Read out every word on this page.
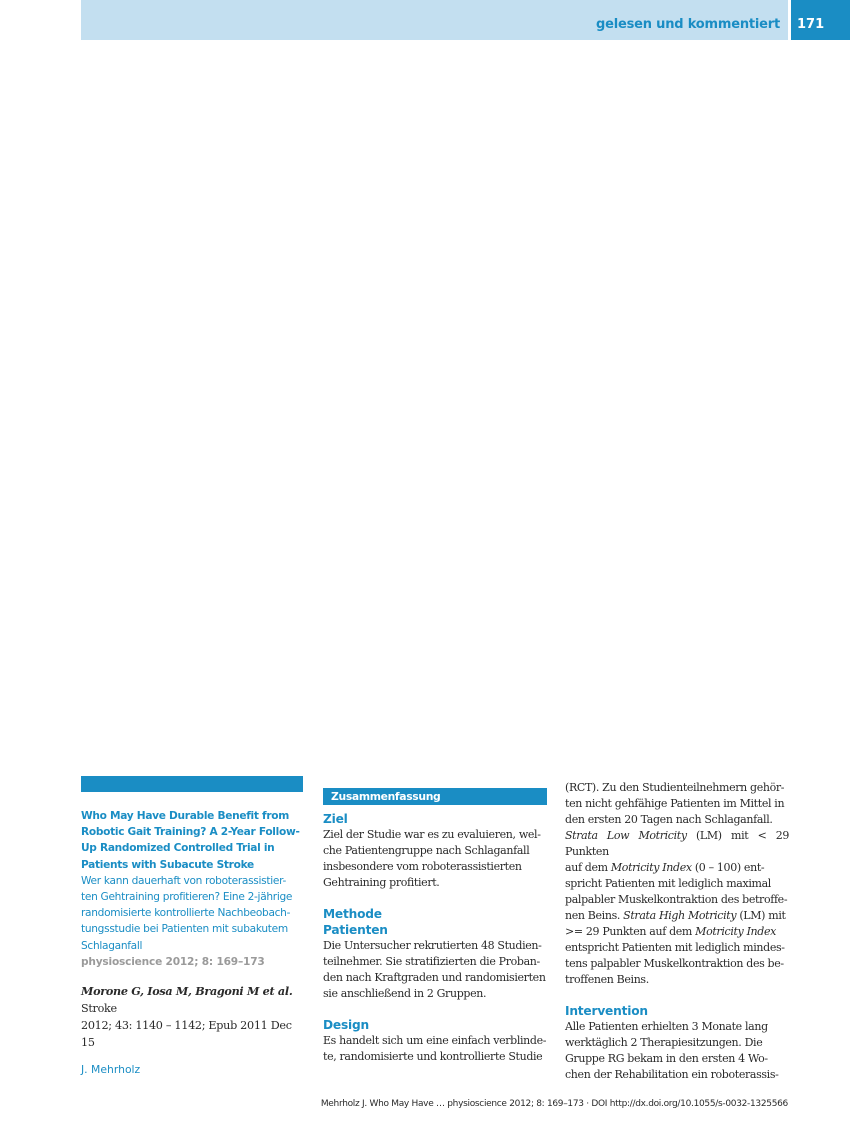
gelesen und kommentiert 171
Who May Have Durable Benefit from
Robotic Gait Training? A 2-Year Follow-
Up Randomized Controlled Trial in
Patients with Subacute Stroke
Wer kann dauerhaft von roboterassistier-
ten Gehtraining profitieren? Eine 2-jährige
randomisierte kontrollierte Nachbeobach-
tungsstudie bei Patienten mit subakutem
Schlaganfall
physioscience 2012; 8: 169–173
Morone G, Iosa M, Bragoni M et al. Stroke
2012; 43: 1140 – 1142; Epub 2011 Dec 15
J. Mehrholz
Zusammenfassung
Ziel

Ziel der Studie war es zu evaluieren, wel-
che Patientengruppe nach Schlaganfall
insbesondere vom roboterassistierten
Gehtraining profitiert.

Methode
Patienten

Die Untersucher rekrutierten 48 Studien-
teilnehmer. Sie stratifizierten die Proban-
den nach Kraftgraden und randomisierten
sie anschließend in 2 Gruppen.

Design

Es handelt sich um eine einfach verblinde-
te, randomisierte und kontrollierte Studie

(RCT). Zu den Studienteilnehmern gehör-
ten nicht gehfähige Patienten im Mittel in
den ersten 20 Tagen nach Schlaganfall.
Strata Low Motricity (LM) mit < 29 Punkten
auf dem Motricity Index (0 – 100) ent-
spricht Patienten mit lediglich maximal
palpabler Muskelkontraktion des betroffe-
nen Beins. Strata High Motricity (LM) mit
>= 29 Punkten auf dem Motricity Index
entspricht Patienten mit lediglich mindes-
tens palpabler Muskelkontraktion des be-
troffenen Beins.

Intervention

Alle Patienten erhielten 3 Monate lang
werktäglich 2 Therapiesitzungen. Die
Gruppe RG bekam in den ersten 4 Wo-
chen der Rehabilitation ein roboterassis-

Mehrholz J. Who May Have … physioscience 2012; 8: 169–173 · DOI http://dx.doi.org/10.1055/s-0032-1325566
